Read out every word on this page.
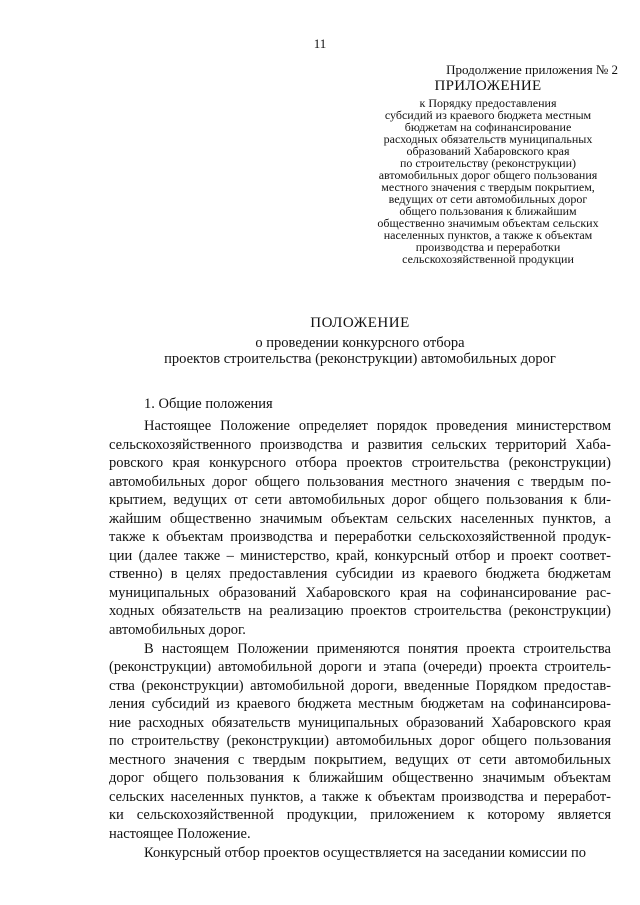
11

Продолжение приложения № 2

ПРИЛОЖЕНИЕ
к Порядку предоставления
субсидий из краевого бюджета местным
бюджетам на софинансирование
расходных обязательств муниципальных
образований Хабаровского края
по строительству (реконструкции)
автомобильных дорог общего пользования
местного значения с твердым покрытием,
ведущих от сети автомобильных дорог
общего пользования к ближайшим
общественно значимым объектам сельских
населенных пунктов, а также к объектам
производства и переработки
сельскохозяйственной продукции
ПОЛОЖЕНИЕ
о проведении конкурсного отбора
проектов строительства (реконструкции) автомобильных дорог
1. Общие положения
Настоящее Положение определяет порядок проведения министерством
сельскохозяйственного производства и развития сельских территорий Хаба-
ровского края конкурсного отбора проектов строительства (реконструкции)
автомобильных дорог общего пользования местного значения с твердым по-
крытием, ведущих от сети автомобильных дорог общего пользования к бли-
жайшим общественно значимым объектам сельских населенных пунктов, а
также к объектам производства и переработки сельскохозяйственной продук-
ции (далее также – министерство, край, конкурсный отбор и проект соответ-
ственно) в целях предоставления субсидии из краевого бюджета бюджетам
муниципальных образований Хабаровского края на софинансирование рас-
ходных обязательств на реализацию проектов строительства (реконструкции)
автомобильных дорог.
В настоящем Положении применяются понятия проекта строительства
(реконструкции) автомобильной дороги и этапа (очереди) проекта строитель-
ства (реконструкции) автомобильной дороги, введенные Порядком предостав-
ления субсидий из краевого бюджета местным бюджетам на софинансирова-
ние расходных обязательств муниципальных образований Хабаровского края
по строительству (реконструкции) автомобильных дорог общего пользования
местного значения с твердым покрытием, ведущих от сети автомобильных
дорог общего пользования к ближайшим общественно значимым объектам
сельских населенных пунктов, а также к объектам производства и переработ-
ки сельскохозяйственной продукции, приложением к которому является
настоящее Положение.
Конкурсный отбор проектов осуществляется на заседании комиссии по
